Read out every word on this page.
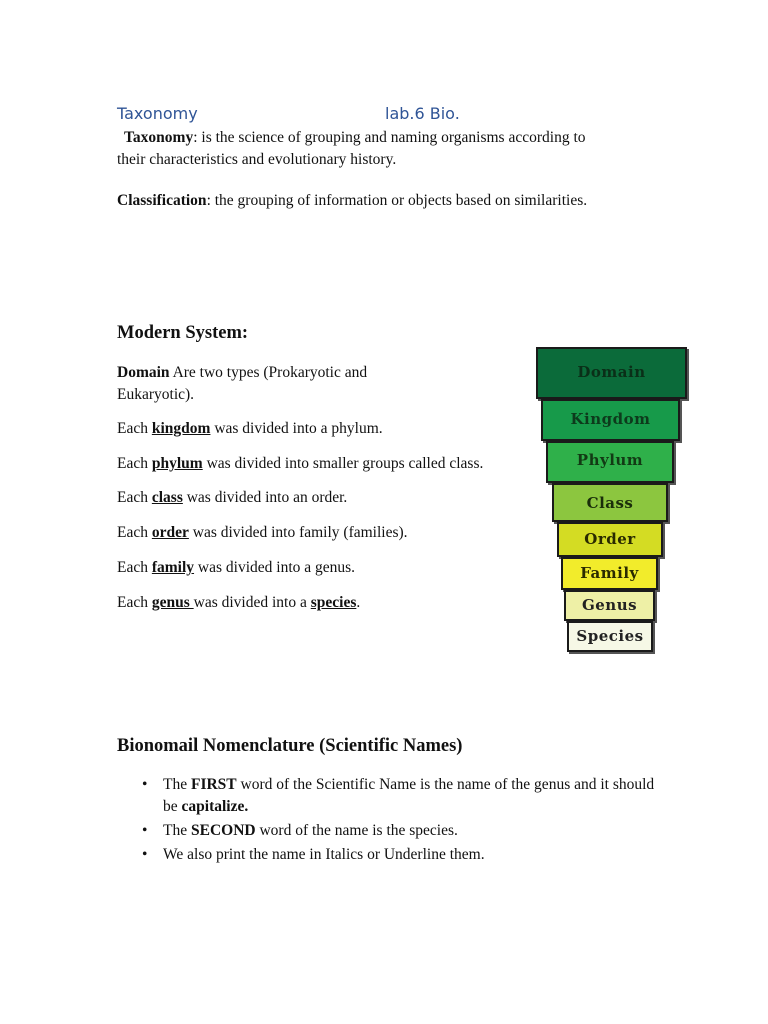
Taxonomy	lab.6 Bio.
Taxonomy: is the science of grouping and naming organisms according to their characteristics and evolutionary history.
Classification: the grouping of information or objects based on similarities.
Modern System:
Domain Are two types (Prokaryotic and Eukaryotic).
Each kingdom was divided into a phylum.
Each phylum was divided into smaller groups called class.
Each class was divided into an order.
Each order was divided into family (families).
Each family was divided into a genus.
Each genus was divided into a species.
Domain
Kingdom
Phylum
Class
Order
Family
Genus
Species
Bionomail Nomenclature (Scientific Names)
• The FIRST word of the Scientific Name is the name of the genus and it should be capitalize.
• The SECOND word of the name is the species.
• We also print the name in Italics or Underline them.
